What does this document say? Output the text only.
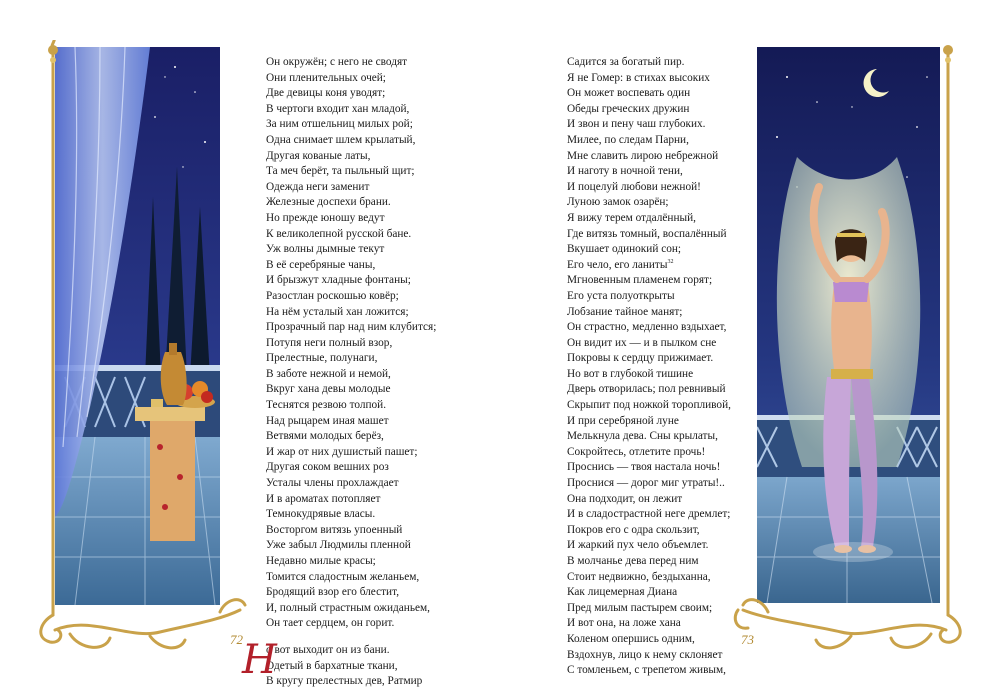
Он окружён; с него не сводят
Они пленительных очей;
Две девицы коня уводят;
В чертоги входит хан младой,
За ним отшельниц милых рой;
Одна снимает шлем крылатый,
Другая кованые латы,
Та меч берёт, та пыльный щит;
Одежда неги заменит
Железные доспехи брани.
Но прежде юношу ведут
К великолепной русской бане.
Уж волны дымные текут
В её серебряные чаны,
И брызжут хладные фонтаны;
Разостлан роскошью ковёр;
На нём усталый хан ложится;
Прозрачный пар над ним клубится;
Потупя неги полный взор,
Прелестные, полунаги,
В заботе нежной и немой,
Вкруг хана девы молодые
Теснятся резвою толпой.
Над рыцарем иная машет
Ветвями молодых берёз,
И жар от них душистый пашет;
Другая соком вешних роз
Усталы члены прохлаждает
И в ароматах потопляет
Темнокудрявые власы.
Восторгом витязь упоенный
Уже забыл Людмилы пленной
Недавно милые красы;
Томится сладостным желаньем,
Бродящий взор его блестит,
И, полный страстным ожиданьем,
Он тает сердцем, он горит.
Н
о вот выходит он из бани.
Одетый в бархатные ткани,
В кругу прелестных дев, Ратмир
Садится за богатый пир.
Я не Гомер: в стихах высоких
Он может воспевать один
Обеды греческих дружин
И звон и пену чаш глубоких.
Милее, по следам Парни,
Мне славить лирою небрежной
И наготу в ночной тени,
И поцелуй любови нежной!
Луною замок озарён;
Я вижу терем отдалённый,
Где витязь томный, воспалённый
Вкушает одинокий сон;
Его чело, его ланиты$^{32}$
Мгновенным пламенем горят;
Его уста полуоткрыты
Лобзание тайное манят;
Он страстно, медленно вздыхает,
Он видит их — и в пылком сне
Покровы к сердцу прижимает.
Но вот в глубокой тишине
Дверь отворилась; пол ревнивый
Скрыпит под ножкой торопливой,
И при серебряной луне
Мелькнула дева. Сны крылаты,
Сокройтесь, отлетите прочь!
Проснись — твоя настала ночь!
Проснися — дорог миг утраты!..
Она подходит, он лежит
И в сладострастной неге дремлет;
Покров его с одра скользит,
И жаркий пух чело объемлет.
В молчанье дева перед ним
Стоит недвижно, бездыханна,
Как лицемерная Диана
Пред милым пастырем своим;
И вот она, на ложе хана
Коленом опершись одним,
Вздохнув, лицо к нему склоняет
С томленьем, с трепетом живым,
72	73
